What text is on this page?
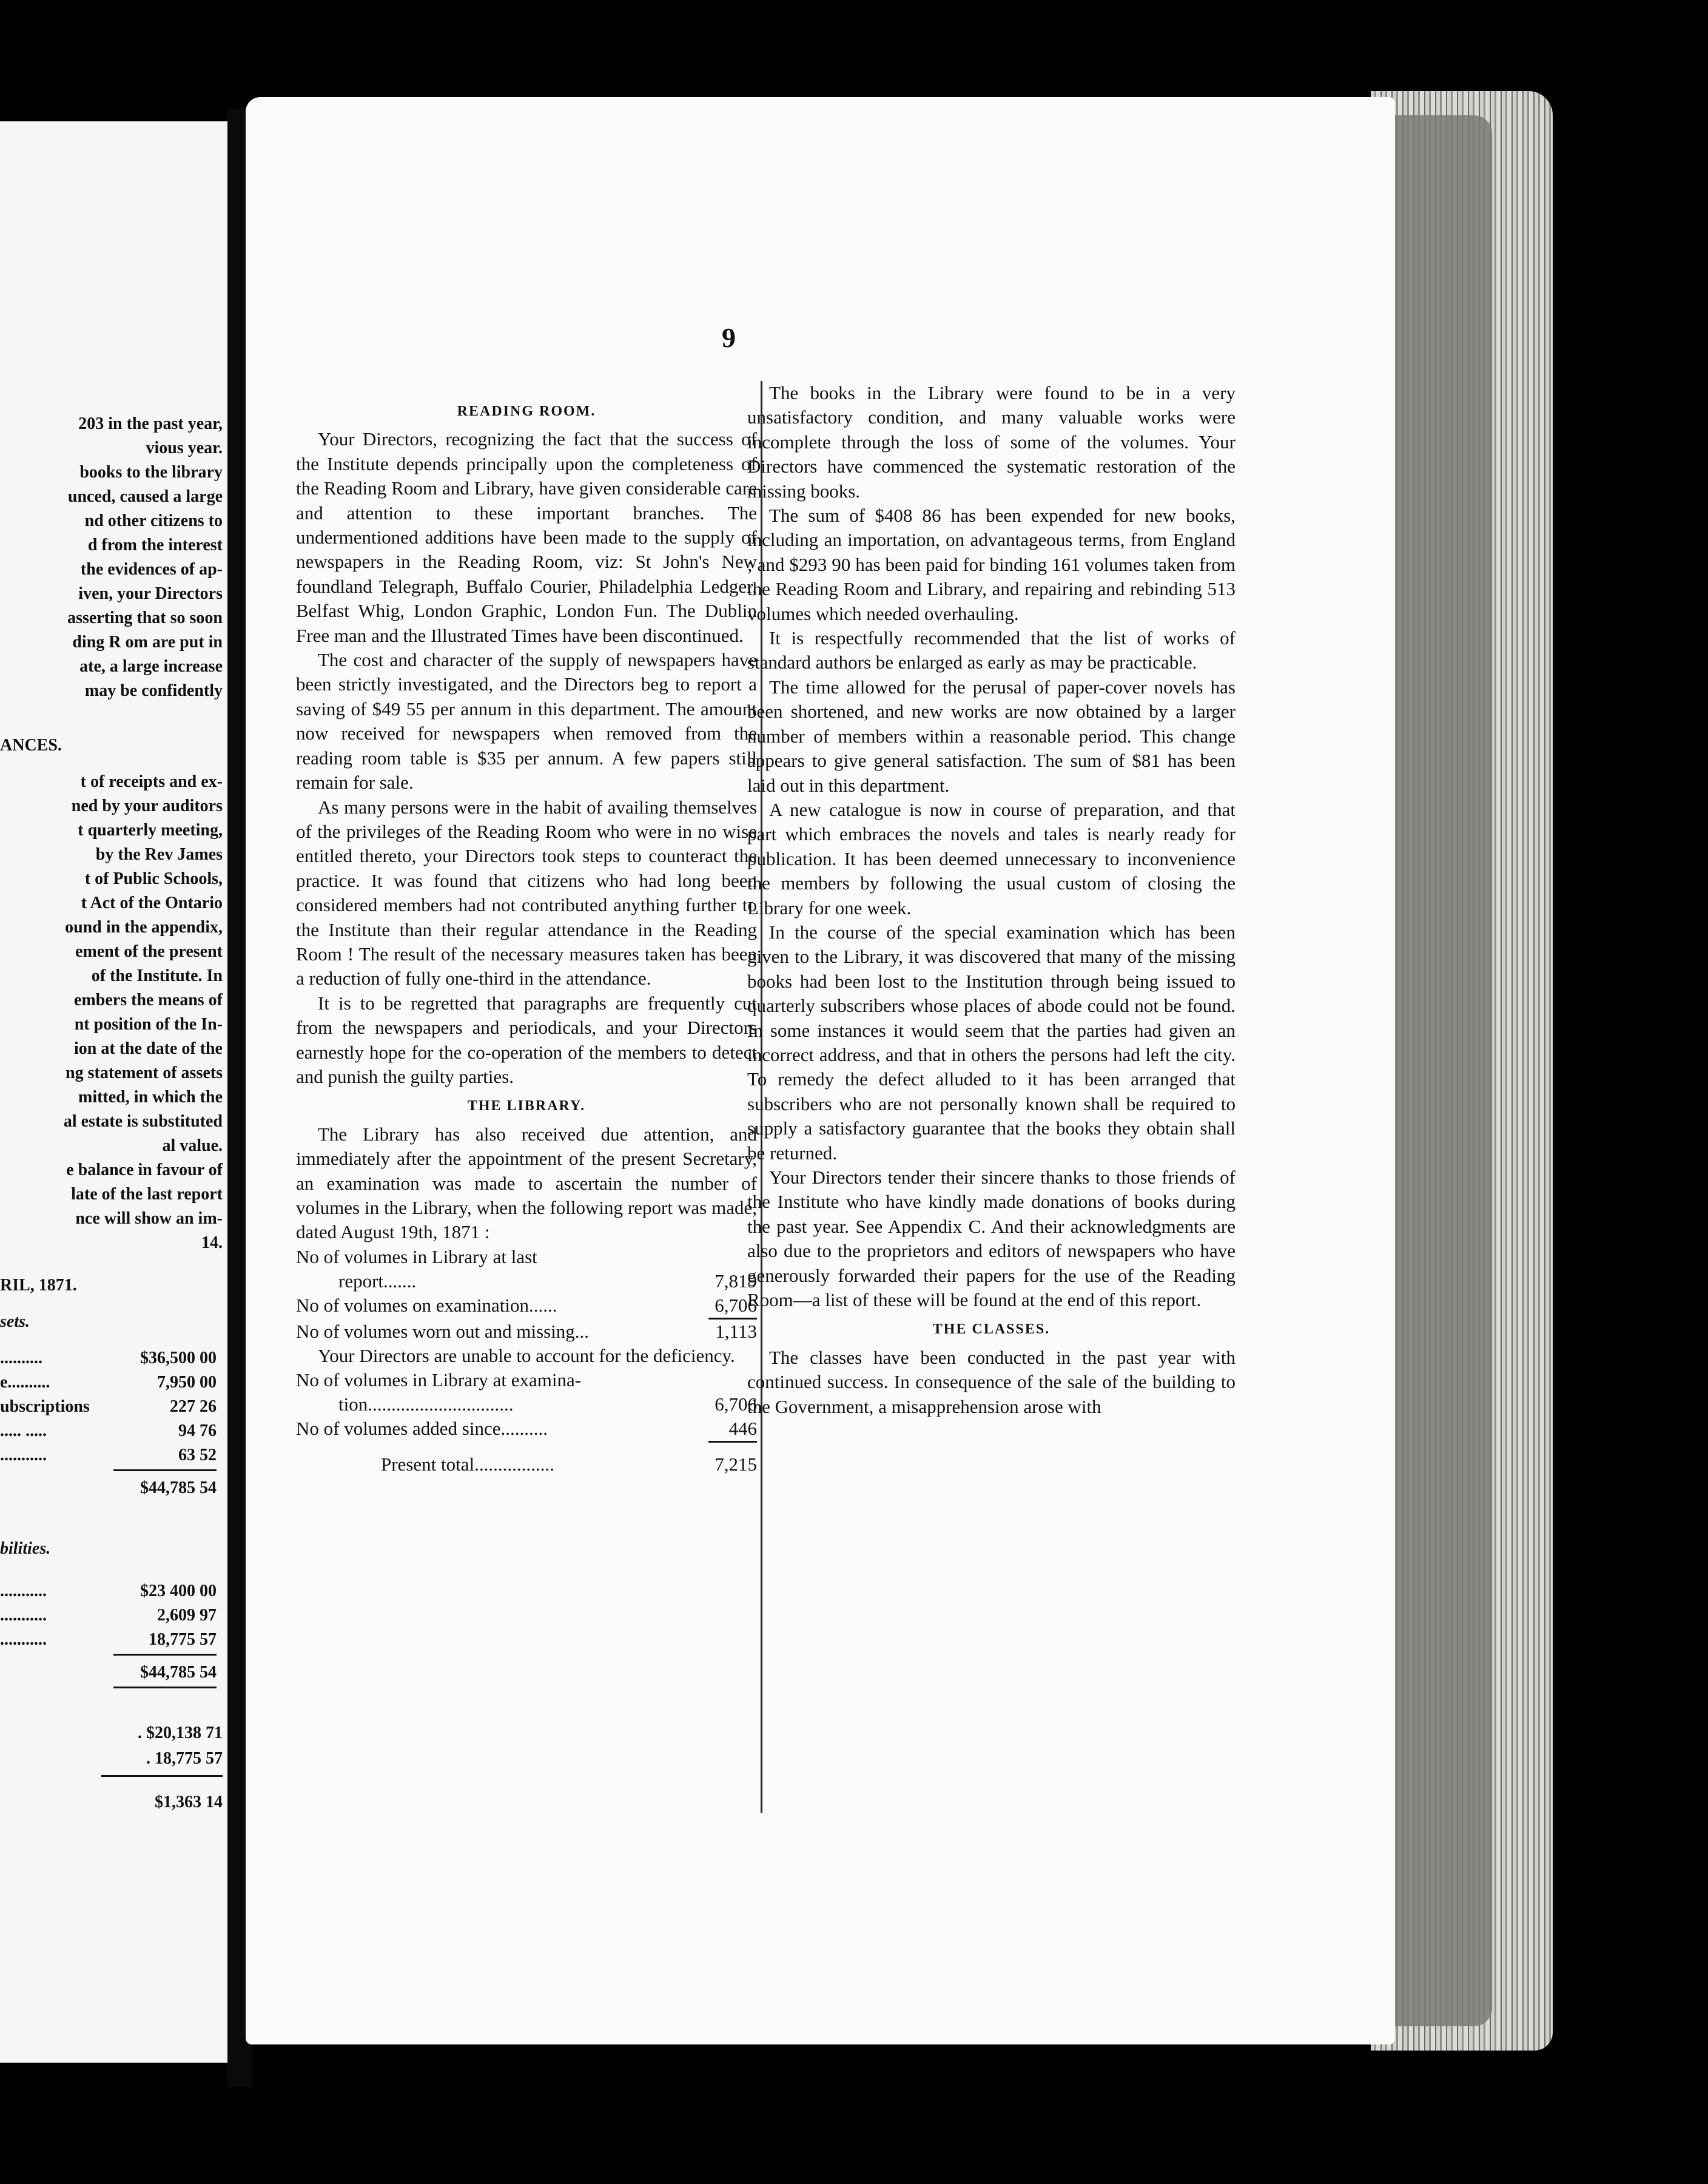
203 in the past year,
vious year.
books to the library
unced, caused a large
nd other citizens to
d from the interest
the evidences of ap-
iven, your Directors
asserting that so soon
ding R om are put in
ate, a large increase
may be confidently
ANCES.
t of receipts and ex-
ned by your auditors
t quarterly meeting,
by the Rev James
t of Public Schools,
t Act of the Ontario
ound in the appendix,
ement of the present
of the Institute. In
embers the means of
nt position of the In-
ion at the date of the
ng statement of assets
mitted, in which the
al estate is substituted
al value.
e balance in favour of
late of the last report
nce will show an im-
14.
RIL, 1871.
sets.
..........	$36,500 00
e..........	7,950 00
ubscriptions	227 26
..... .....	94 76
...........	63 52
$44,785 54
bilities.
...........	$23 400 00
...........	2,609 97
...........	18,775 57
$44,785 54
. $20,138 71
. 18,775 57
$1,363 14
9

READING ROOM.

Your Directors, recognizing the fact that the success of the Institute depends principally upon the completeness of the Reading Room and Library, have given considerable care and attention to these important branches. The undermentioned additions have been made to the supply of newspapers in the Reading Room, viz: St John's New foundland Telegraph, Buffalo Courier, Philadelphia Ledger, Belfast Whig, London Graphic, London Fun. The Dublin Free man and the Illustrated Times have been discontinued.

The cost and character of the supply of newspapers have been strictly investigated, and the Directors beg to report a saving of $49 55 per annum in this department. The amount now received for newspapers when removed from the reading room table is $35 per annum. A few papers still remain for sale.

As many persons were in the habit of availing themselves of the privileges of the Reading Room who were in no wise entitled thereto, your Directors took steps to counteract the practice. It was found that citizens who had long been considered members had not contributed anything further to the Institute than their regular attendance in the Reading Room ! The result of the necessary measures taken has been a reduction of fully one-third in the attendance.

It is to be regretted that paragraphs are frequently cut from the newspapers and periodicals, and your Directors earnestly hope for the co-operation of the members to detect and punish the guilty parties.

THE LIBRARY.

The Library has also received due attention, and immediately after the appointment of the present Secretary, an examination was made to ascertain the number of volumes in the Library, when the following report was made, dated August 19th, 1871 :

No of volumes in Library at last	
report.......	7,819
No of volumes on examination......	6,706

No of volumes worn out and missing...	1,113

Your Directors are unable to account for the deficiency.

No of volumes in Library at examina-	
tion...............................	6,706
No of volumes added since..........	446

Present total.................	7,215

The books in the Library were found to be in a very unsatisfactory condition, and many valuable works were incomplete through the loss of some of the volumes. Your Directors have commenced the systematic restoration of the missing books.

The sum of $408 86 has been expended for new books, including an importation, on advantageous terms, from England ; and $293 90 has been paid for binding 161 volumes taken from the Reading Room and Library, and repairing and rebinding 513 volumes which needed overhauling.

It is respectfully recommended that the list of works of standard authors be enlarged as early as may be practicable.

The time allowed for the perusal of paper-cover novels has been shortened, and new works are now obtained by a larger number of members within a reasonable period. This change appears to give general satisfaction. The sum of $81 has been laid out in this department.

A new catalogue is now in course of preparation, and that part which embraces the novels and tales is nearly ready for publication. It has been deemed unnecessary to inconvenience the members by following the usual custom of closing the Library for one week.

In the course of the special examination which has been given to the Library, it was discovered that many of the missing books had been lost to the Institution through being issued to quarterly subscribers whose places of abode could not be found. In some instances it would seem that the parties had given an incorrect address, and that in others the persons had left the city. To remedy the defect alluded to it has been arranged that subscribers who are not personally known shall be required to supply a satisfactory guarantee that the books they obtain shall be returned.

Your Directors tender their sincere thanks to those friends of the Institute who have kindly made donations of books during the past year. See Appendix C. And their acknowledgments are also due to the proprietors and editors of newspapers who have generously forwarded their papers for the use of the Reading Room—a list of these will be found at the end of this report.

THE CLASSES.

The classes have been conducted in the past year with continued success. In consequence of the sale of the building to the Government, a misapprehension arose with
